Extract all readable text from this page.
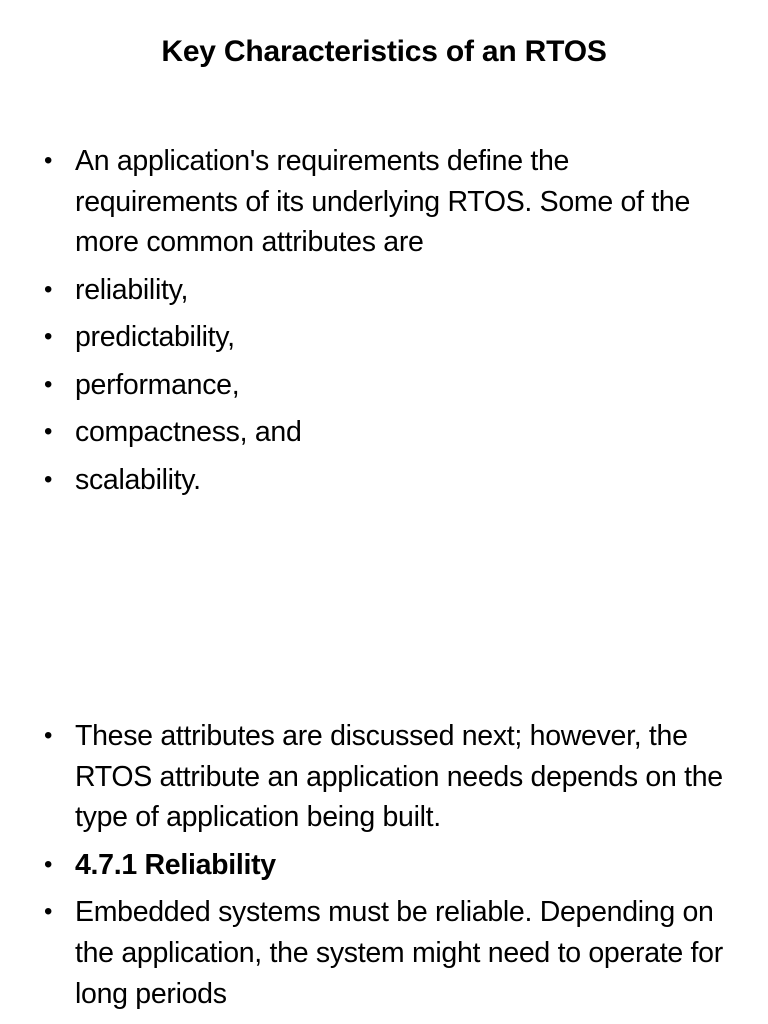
Key Characteristics of an RTOS
• An application's requirements define the requirements of its underlying RTOS. Some of the more common attributes are
• reliability,
• predictability,
• performance,
• compactness, and
• scalability.
• These attributes are discussed next; however, the RTOS attribute an application needs depends on the type of application being built.
• 4.7.1 Reliability
• Embedded systems must be reliable. Depending on the application, the system might need to operate for long periods
